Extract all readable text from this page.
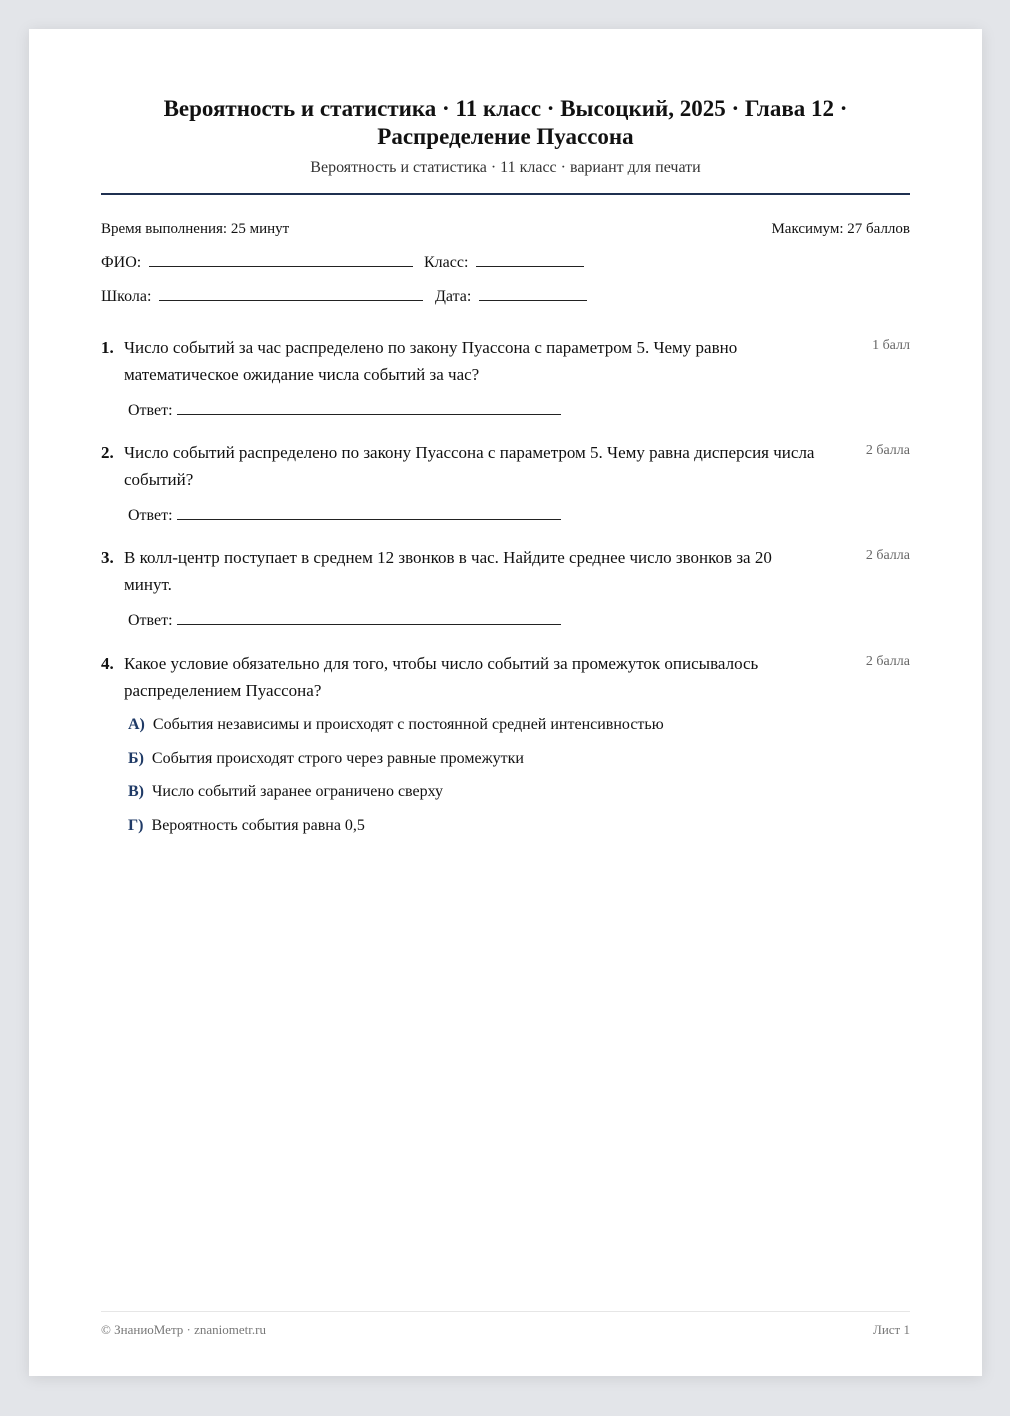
Вероятность и статистика · 11 класс · Высоцкий, 2025 · Глава 12 · Распределение Пуассона
Вероятность и статистика · 11 класс · вариант для печати
Время выполнения: 25 минут	Максимум: 27 баллов
ФИО:	Класс:
Школа:	Дата:
1. Число событий за час распределено по закону Пуассона с параметром 5. Чему равно математическое ожидание числа событий за час?
1 балл
Ответ:
2. Число событий распределено по закону Пуассона с параметром 5. Чему равна дисперсия числа событий?
2 балла
Ответ:
3. В колл-центр поступает в среднем 12 звонков в час. Найдите среднее число звонков за 20 минут.
2 балла
Ответ:
4. Какое условие обязательно для того, чтобы число событий за промежуток описывалось распределением Пуассона?
2 балла
А) События независимы и происходят с постоянной средней интенсивностью
Б) События происходят строго через равные промежутки
В) Число событий заранее ограничено сверху
Г) Вероятность события равна 0,5
© ЗнаниоМетр · znaniometr.ru	Лист 1
